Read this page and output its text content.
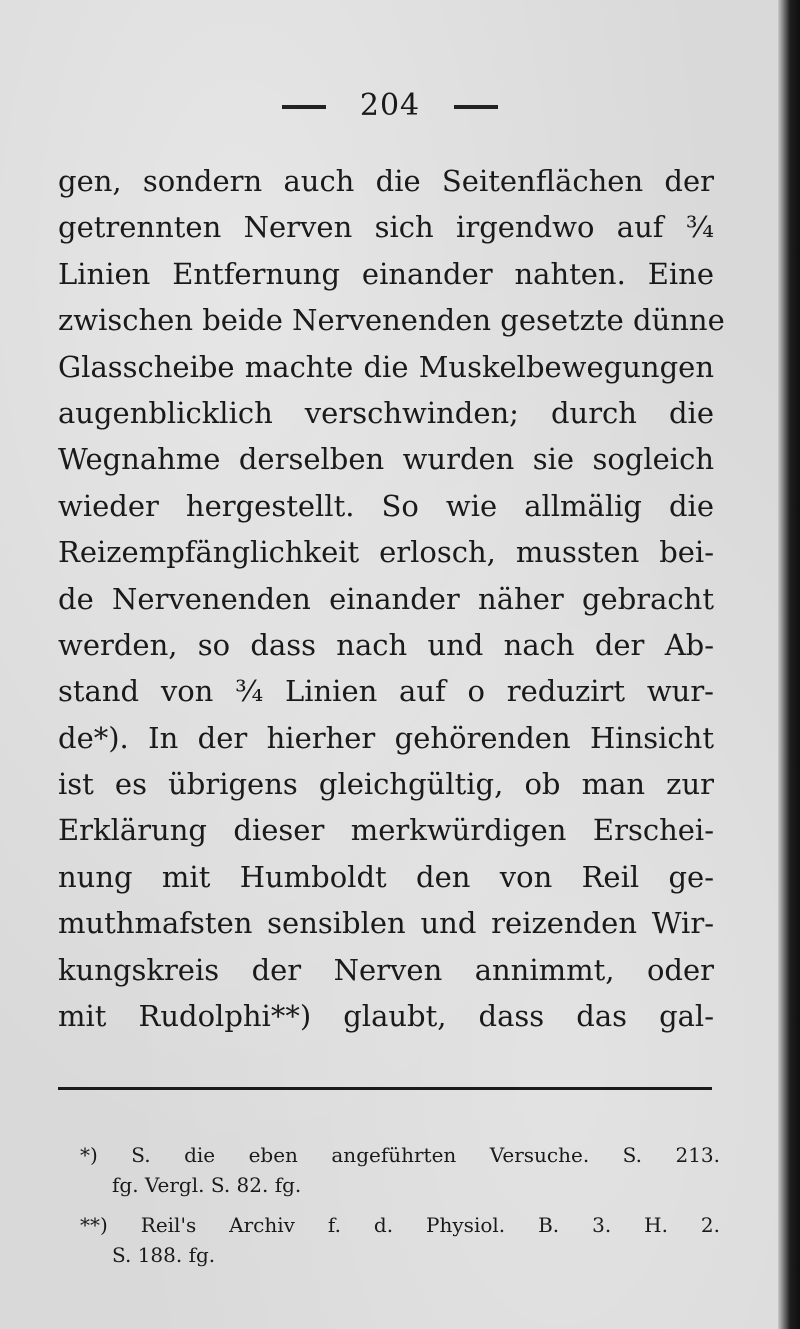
204
gen, sondern auch die Seitenflächen der
getrennten Nerven sich irgendwo auf ¾
Linien Entfernung einander nahten. Eine
zwischen beide Nervenenden gesetzte dünne
Glasscheibe machte die Muskelbewegungen
augenblicklich verschwinden; durch die
Wegnahme derselben wurden sie sogleich
wieder hergestellt. So wie allmälig die
Reizempfänglichkeit erlosch, mussten bei-
de Nervenenden einander näher gebracht
werden, so dass nach und nach der Ab-
stand von ¾ Linien auf o reduzirt wur-
de*). In der hierher gehörenden Hinsicht
ist es übrigens gleichgültig, ob man zur
Erklärung dieser merkwürdigen Erschei-
nung mit Humboldt den von Reil ge-
muthmafsten sensiblen und reizenden Wir-
kungskreis der Nerven annimmt, oder
mit Rudolphi**) glaubt, dass das gal-
*) S. die eben angeführten Versuche. S. 213.
fg. Vergl. S. 82. fg.
**) Reil's Archiv f. d. Physiol. B. 3. H. 2.
S. 188. fg.
